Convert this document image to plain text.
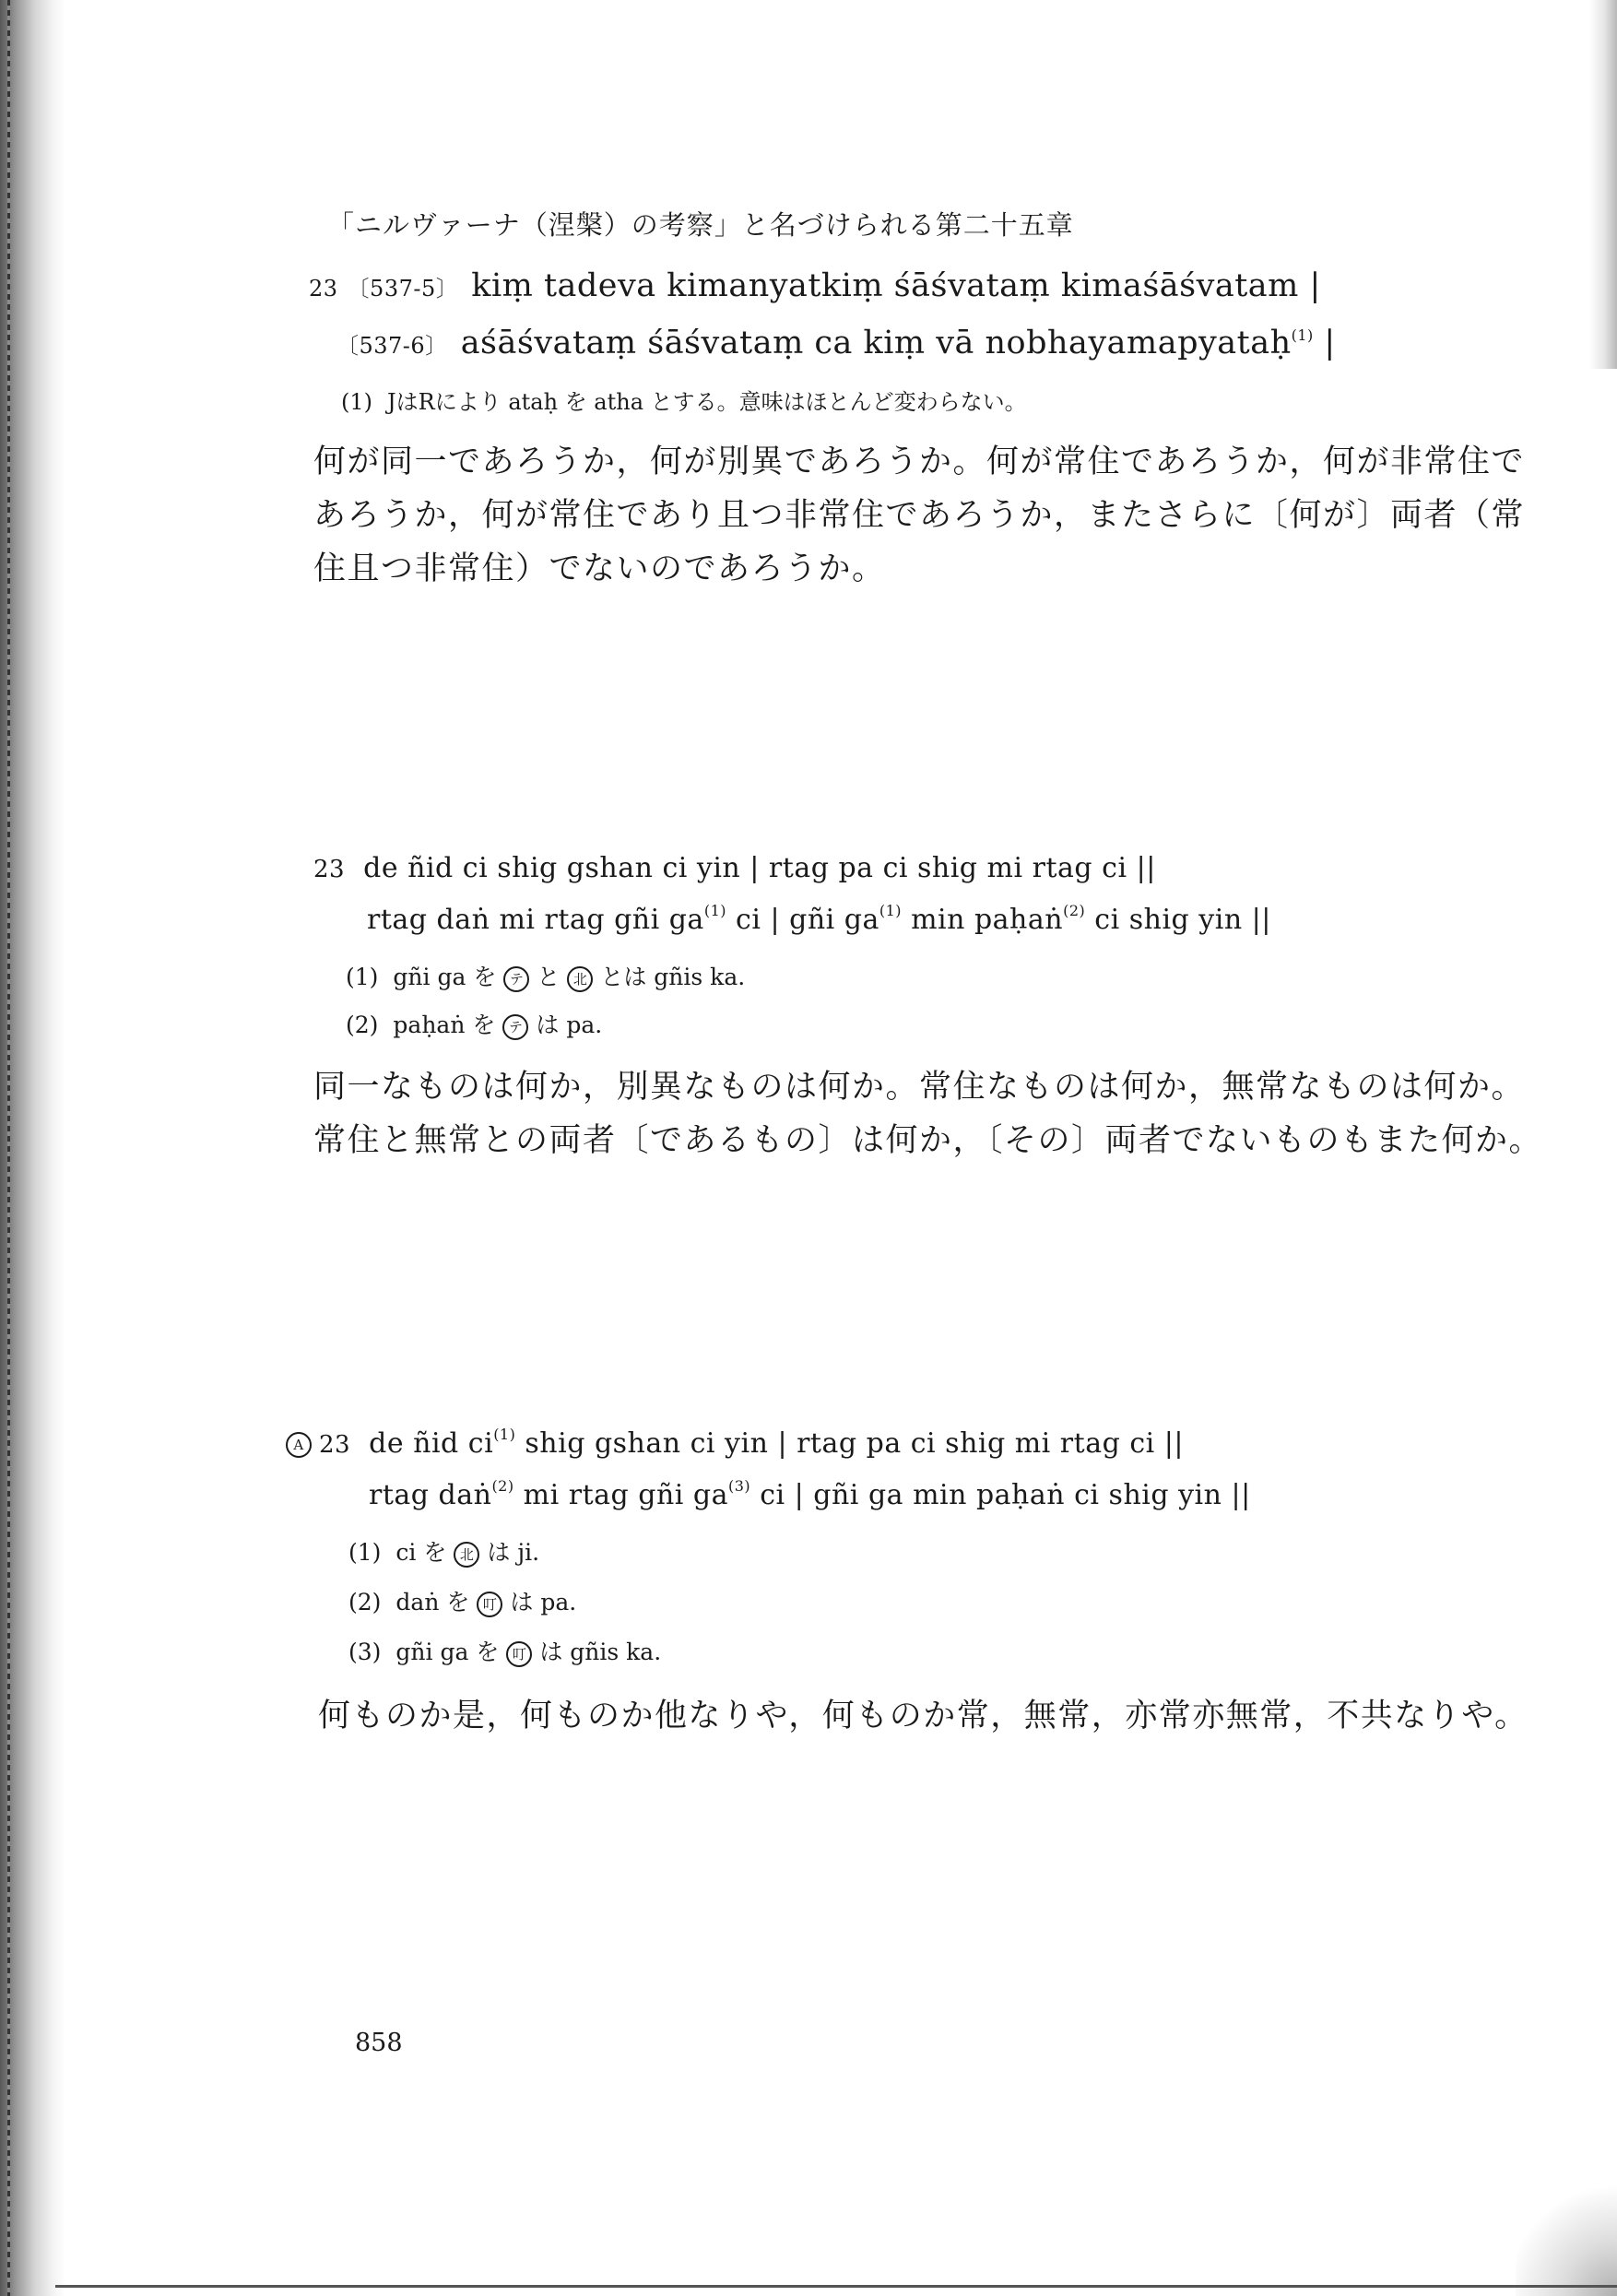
「ニルヴァーナ（涅槃）の考察」と名づけられる第二十五章
23 〔537-5〕 kiṃ tadeva kimanyatkiṃ śāśvataṃ kimaśāśvatam |
〔537-6〕 aśāśvataṃ śāśvataṃ ca kiṃ vā nobhayamapyataḥ$^{(1)}$ |
(1) JはRにより ataḥ を atha とする。意味はほとんど変わらない。
何が同一であろうか，何が別異であろうか。何が常住であろうか，何が非常住であろうか，何が常住であり且つ非常住であろうか，またさらに〔何が〕両者（常住且つ非常住）でないのであろうか。
23 de ñid ci shig gshan ci yin | rtag pa ci shig mi rtag ci ||
rtag daṅ mi rtag gñi $ga^{(1)}$ ci | gñi $ga^{(1)}$ min paḥaṅ$^{(2)}$ ci shig yin ||
(1) gñi ga を テ と 北 とは gñis ka.
(2) paḥaṅ を テ は pa.
同一なものは何か，別異なものは何か。常住なものは何か，無常なものは何か。常住と無常との両者〔であるもの〕は何か，〔その〕両者でないものもまた何か。
A 23 de ñid $ci^{(1)}$ shig gshan ci yin | rtag pa ci shig mi rtag ci ||
rtag daṅ$^{(2)}$ mi rtag gñi $ga^{(3)}$ ci | gñi ga min paḥaṅ ci shig yin ||
(1) ci を 北 は ji.
(2) daṅ を 叮 は pa.
(3) gñi ga を 叮 は gñis ka.
何ものか是，何ものか他なりや，何ものか常，無常，亦常亦無常，不共なりや。
858
